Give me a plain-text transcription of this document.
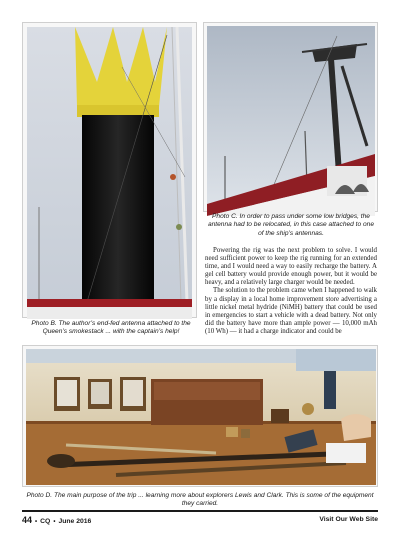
Photo B. The author’s end-fed antenna attached to the Queen’s smokestack ... with the captain’s help!
Photo C. In order to pass under some low bridges, the antenna had to be relocated, in this case attached to one of the ship’s antennas.

Powering the rig was the next problem to solve. I would need sufficient power to keep the rig running for an extended time, and I would need a way to easily recharge the battery. A gel cell battery would provide enough power, but it would be heavy, and a relatively large charger would be needed.

The solution to the problem came when I happened to walk by a display in a local home improvement store advertising a little nickel metal hydride (NiMH) battery that could be used in emergencies to start a vehicle with a dead battery. Not only did the battery have more than ample power — 10,000 mAh (10 Wh) — it had a charge indicator and could be

Photo D. The main purpose of the trip ... learning more about explorers Lewis and Clark. This is some of the equipment they carried.
44 • CQ • June 2016	Visit Our Web Site
